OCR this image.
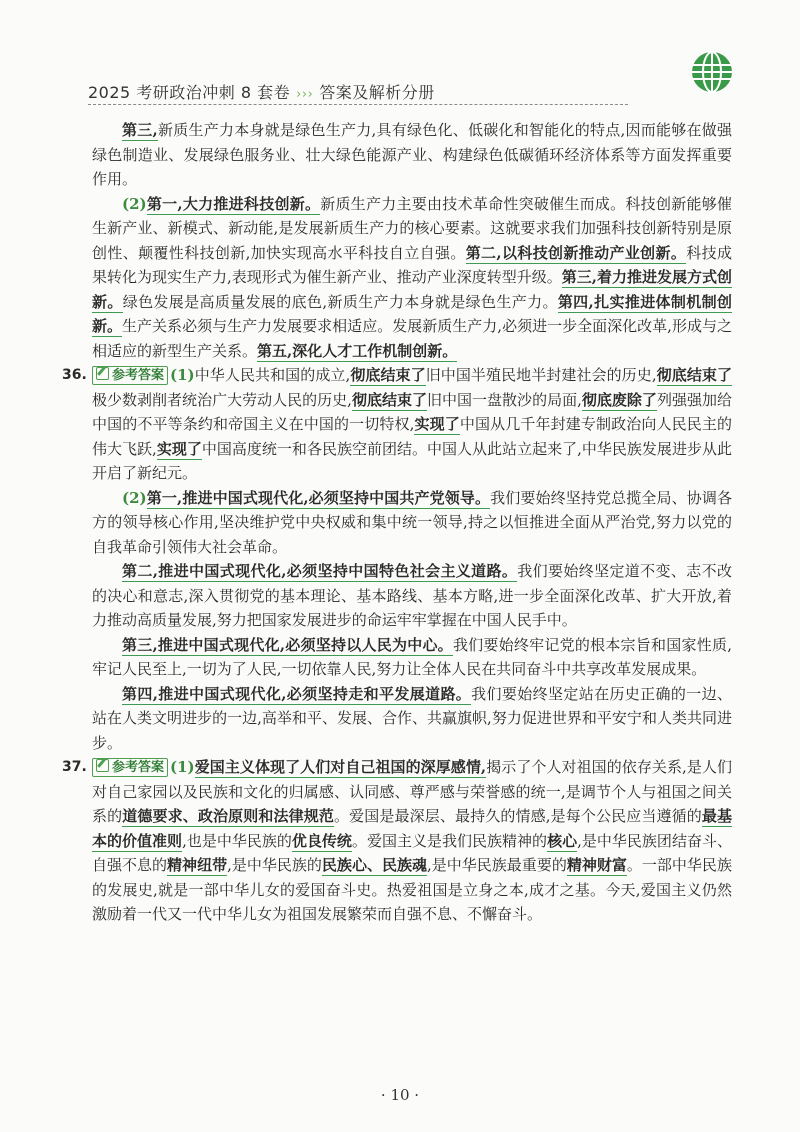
2025 考研政治冲刺 8 套卷 ››› 答案及解析分册

第三,新质生产力本身就是绿色生产力,具有绿色化、低碳化和智能化的特点,因而能够在做强绿色制造业、发展绿色服务业、壮大绿色能源产业、构建绿色低碳循环经济体系等方面发挥重要作用。

(2)第一,大力推进科技创新。新质生产力主要由技术革命性突破催生而成。科技创新能够催生新产业、新模式、新动能,是发展新质生产力的核心要素。这就要求我们加强科技创新特别是原创性、颠覆性科技创新,加快实现高水平科技自立自强。第二,以科技创新推动产业创新。科技成果转化为现实生产力,表现形式为催生新产业、推动产业深度转型升级。第三,着力推进发展方式创新。绿色发展是高质量发展的底色,新质生产力本身就是绿色生产力。第四,扎实推进体制机制创新。生产关系必须与生产力发展要求相适应。发展新质生产力,必须进一步全面深化改革,形成与之相适应的新型生产关系。第五,深化人才工作机制创新。

36. 参考答案 (1)中华人民共和国的成立,彻底结束了旧中国半殖民地半封建社会的历史,彻底结束了极少数剥削者统治广大劳动人民的历史,彻底结束了旧中国一盘散沙的局面,彻底废除了列强强加给中国的不平等条约和帝国主义在中国的一切特权,实现了中国从几千年封建专制政治向人民民主的伟大飞跃,实现了中国高度统一和各民族空前团结。中国人从此站立起来了,中华民族发展进步从此开启了新纪元。

(2)第一,推进中国式现代化,必须坚持中国共产党领导。我们要始终坚持党总揽全局、协调各方的领导核心作用,坚决维护党中央权威和集中统一领导,持之以恒推进全面从严治党,努力以党的自我革命引领伟大社会革命。

第二,推进中国式现代化,必须坚持中国特色社会主义道路。我们要始终坚定道不变、志不改的决心和意志,深入贯彻党的基本理论、基本路线、基本方略,进一步全面深化改革、扩大开放,着力推动高质量发展,努力把国家发展进步的命运牢牢掌握在中国人民手中。

第三,推进中国式现代化,必须坚持以人民为中心。我们要始终牢记党的根本宗旨和国家性质,牢记人民至上,一切为了人民,一切依靠人民,努力让全体人民在共同奋斗中共享改革发展成果。

第四,推进中国式现代化,必须坚持走和平发展道路。我们要始终坚定站在历史正确的一边、站在人类文明进步的一边,高举和平、发展、合作、共赢旗帜,努力促进世界和平安宁和人类共同进步。

37. 参考答案 (1)爱国主义体现了人们对自己祖国的深厚感情,揭示了个人对祖国的依存关系,是人们对自己家园以及民族和文化的归属感、认同感、尊严感与荣誉感的统一,是调节个人与祖国之间关系的道德要求、政治原则和法律规范。爱国是最深层、最持久的情感,是每个公民应当遵循的最基本的价值准则,也是中华民族的优良传统。爱国主义是我们民族精神的核心,是中华民族团结奋斗、自强不息的精神纽带,是中华民族的民族心、民族魂,是中华民族最重要的精神财富。一部中华民族的发展史,就是一部中华儿女的爱国奋斗史。热爱祖国是立身之本,成才之基。今天,爱国主义仍然激励着一代又一代中华儿女为祖国发展繁荣而自强不息、不懈奋斗。

· 10 ·
